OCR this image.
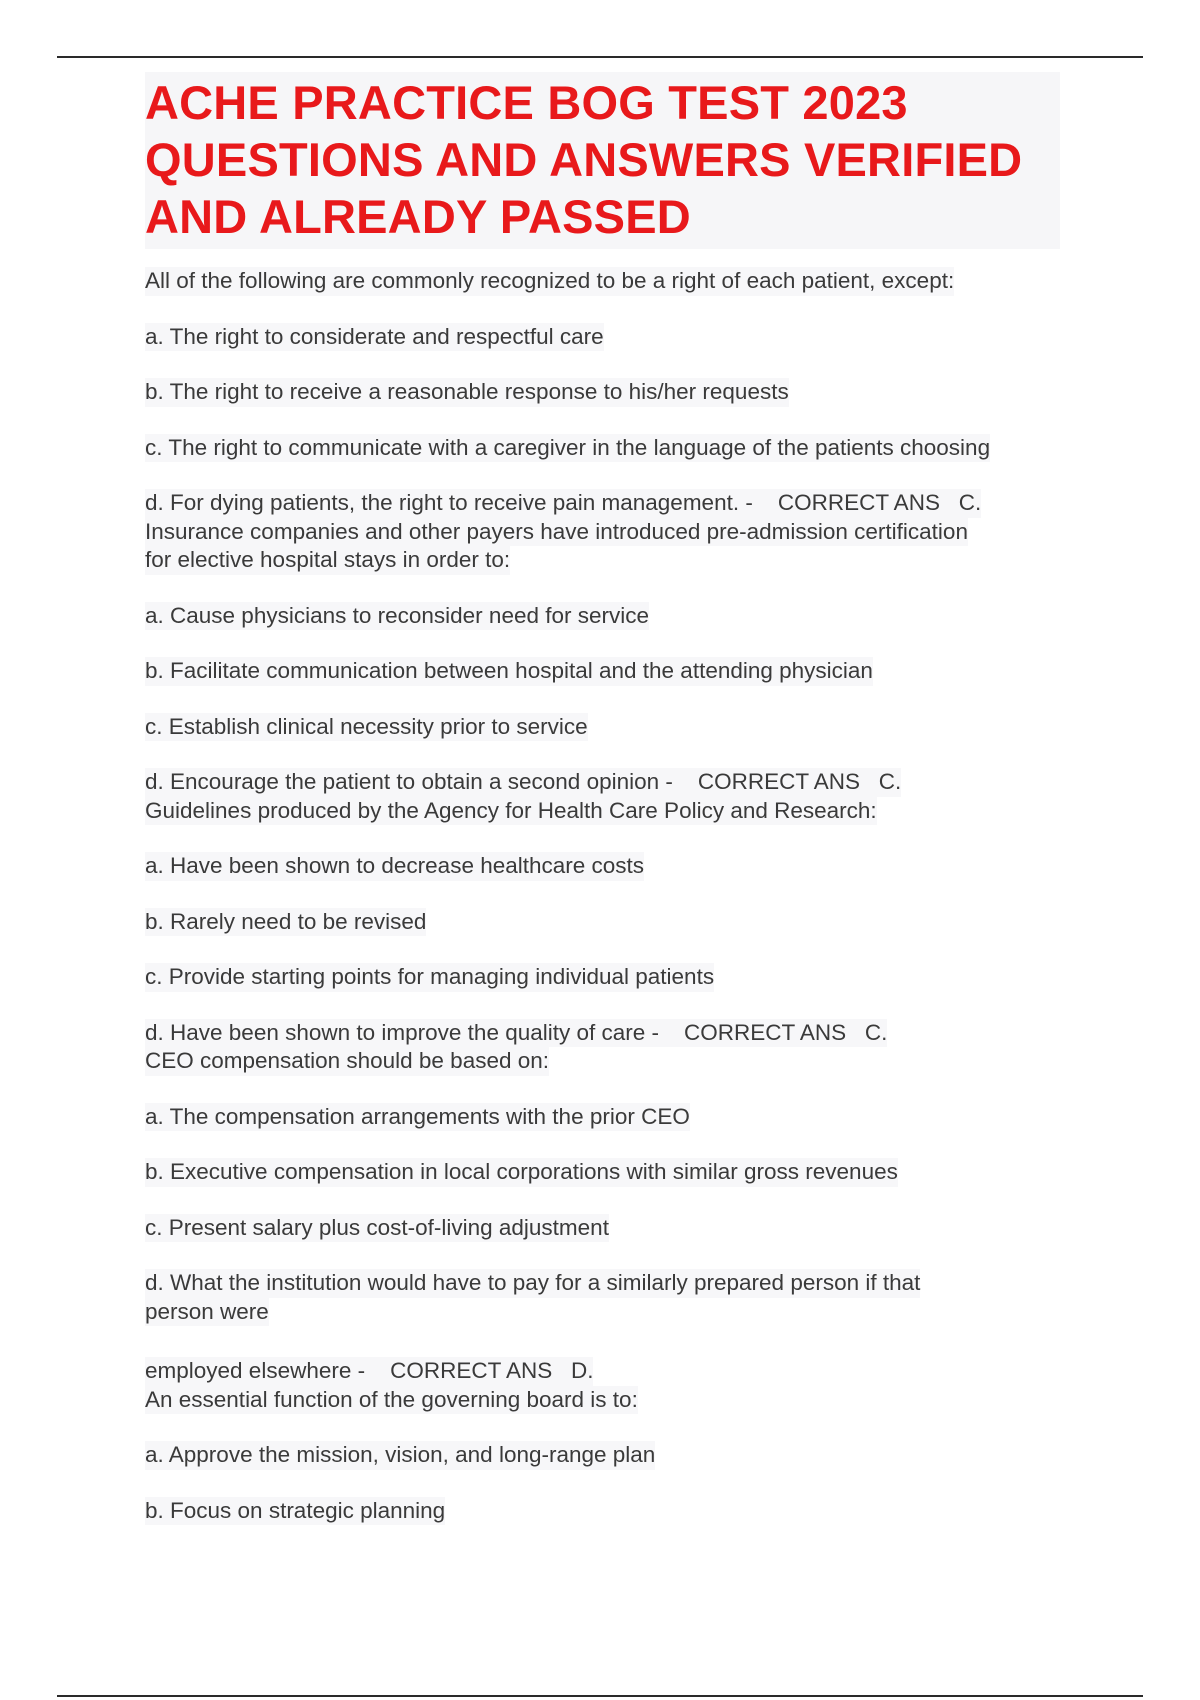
ACHE PRACTICE BOG TEST 2023 QUESTIONS AND ANSWERS VERIFIED AND ALREADY PASSED
All of the following are commonly recognized to be a right of each patient, except:
a. The right to considerate and respectful care
b. The right to receive a reasonable response to his/her requests
c. The right to communicate with a caregiver in the language of the patients choosing
d. For dying patients, the right to receive pain management. -    CORRECT ANS   C.
Insurance companies and other payers have introduced pre-admission certification
for elective hospital stays in order to:
a. Cause physicians to reconsider need for service
b. Facilitate communication between hospital and the attending physician
c. Establish clinical necessity prior to service
d. Encourage the patient to obtain a second opinion -    CORRECT ANS   C.
Guidelines produced by the Agency for Health Care Policy and Research:
a. Have been shown to decrease healthcare costs
b. Rarely need to be revised
c. Provide starting points for managing individual patients
d. Have been shown to improve the quality of care -    CORRECT ANS   C.
CEO compensation should be based on:
a. The compensation arrangements with the prior CEO
b. Executive compensation in local corporations with similar gross revenues
c. Present salary plus cost-of-living adjustment
d. What the institution would have to pay for a similarly prepared person if that
person were
employed elsewhere -    CORRECT ANS   D.
An essential function of the governing board is to:
a. Approve the mission, vision, and long-range plan
b. Focus on strategic planning
